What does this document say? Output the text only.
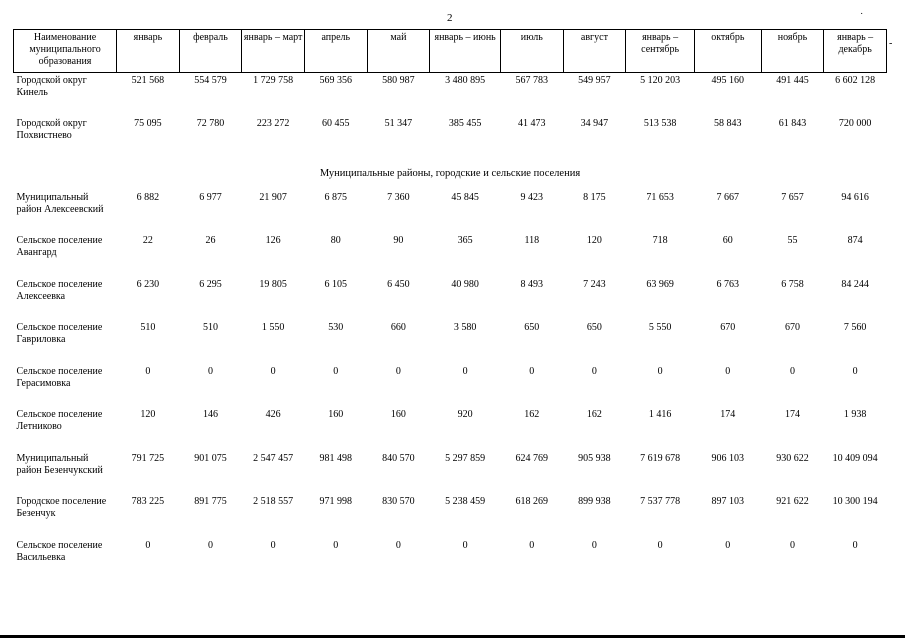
2	˙
-
Наименование муниципального образования	январь	февраль	январь – март	апрель	май	январь – июнь	июль	август	январь – сентябрь	октябрь	ноябрь	январь – декабрь
Городской округ Кинель	521 568	554 579	1 729 758	569 356	580 987	3 480 895	567 783	549 957	5 120 203	495 160	491 445	6 602 128
Городской округ Похвистнево	75 095	72 780	223 272	60 455	51 347	385 455	41 473	34 947	513 538	58 843	61 843	720 000
Муниципальные районы, городские и сельские поселения												
Муниципальный район Алексеевский	6 882	6 977	21 907	6 875	7 360	45 845	9 423	8 175	71 653	7 667	7 657	94 616
Сельское поселение Авангард	22	26	126	80	90	365	118	120	718	60	55	874
Сельское поселение Алексеевка	6 230	6 295	19 805	6 105	6 450	40 980	8 493	7 243	63 969	6 763	6 758	84 244
Сельское поселение Гавриловка	510	510	1 550	530	660	3 580	650	650	5 550	670	670	7 560
Сельское поселение Герасимовка	0	0	0	0	0	0	0	0	0	0	0	0
Сельское поселение Летниково	120	146	426	160	160	920	162	162	1 416	174	174	1 938
Муниципальный район Безенчукский	791 725	901 075	2 547 457	981 498	840 570	5 297 859	624 769	905 938	7 619 678	906 103	930 622	10 409 094
Городское поселение Безенчук	783 225	891 775	2 518 557	971 998	830 570	5 238 459	618 269	899 938	7 537 778	897 103	921 622	10 300 194
Сельское поселение Васильевка	0	0	0	0	0	0	0	0	0	0	0	0
